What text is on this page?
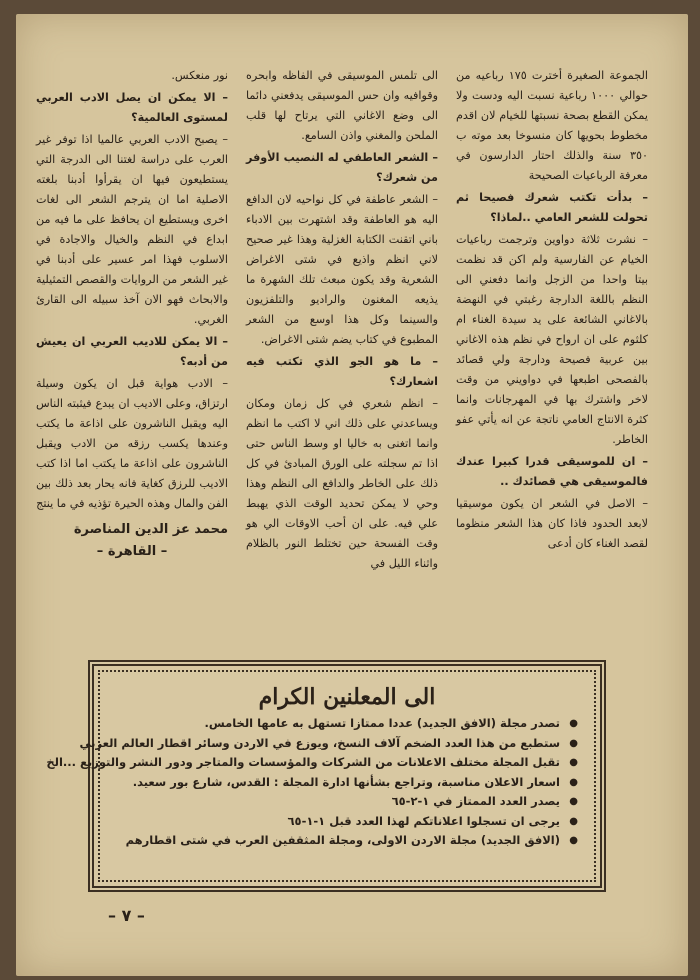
الجموعة الصغيرة أخترت ١٧٥ رباعيه من حوالي ١٠٠٠ رباعية نسبت اليه ودست ولا يمكن القطع بصحة نسبتها للخيام لان اقدم مخطوط بحويها كان منسوخا بعد موته ب ٣٥٠ سنة والذلك احتار الدارسون في معرفة الرباعيات الصحيحة

– بدأت تكتب شعرك فصيحا ثم تحولت للشعر العامي ..لماذا؟

– نشرت ثلاثة دواوين وترجمت رباعيات الخيام عن الفارسية ولم اكن قد نظمت بيتا واحدا من الزجل وانما دفعني الى النظم باللغة الدارجة رغبتي في النهضة بالاغاني الشائعة على يد سيدة الغناء ام كلثوم على ان ارواح في نظم هذه الاغاني بين عربية فصيحة ودارجة ولي قصائد بالفصحى اطبعها في دواويني من وقت لاخر واشترك بها في المهرجانات وانما كثرة الانتاج العامي ناتجة عن انه يأتي عفو الخاطر.

– ان للموسيقى قدرا كبيرا عندك فالموسيقى هي قصائدك ..

– الاصل في الشعر ان يكون موسيقيا لابعد الحدود فاذا كان هذا الشعر منظوما لقصد الغناء كان أدعى

الى تلمس الموسيقى في الفاظه وابحره وقوافيه وان حس الموسيقى يدفعني دائما الى وضع الاغاني التي يرتاح لها قلب الملحن والمغني واذن السامع.

– الشعر العاطفي له النصيب الأوفر من شعرك؟

– الشعر عاطفة في كل نواحيه لان الدافع اليه هو العاطفة وقد اشتهرت بين الادباء باني اتقنت الكتابة الغزلية وهذا غير صحيح لاني انظم واذيع في شتى الاغراض الشعرية وقد يكون مبعث تلك الشهرة ما يذيعه المغنون والراديو والتلفزيون والسينما وكل هذا اوسع من الشعر المطبوع في كتاب يضم شتى الاغراض.

– ما هو الجو الذي تكتب فيه اشعارك؟

– انظم شعري في كل زمان ومكان ويساعدني على ذلك اني لا اكتب ما انظم وانما اتغنى به خاليا او وسط الناس حتى اذا تم سجلته على الورق المبادئ في كل ذلك على الخاطر والدافع الى النظم وهذا وحي لا يمكن تحديد الوقت الذي يهبط علي فيه. على ان أحب الاوقات الي هو وقت الفسحة حين تختلط النور بالظلام واثناء الليل في

نور منعكس.

– الا يمكن ان يصل الادب العربي لمستوى العالمية؟

– يصبح الادب العربي عالميا اذا توفر غير العرب على دراسة لغتنا الى الدرجة التي يستطيعون فيها ان يقرأوا أدبنا بلغته الاصلية اما ان يترجم الشعر الى لغات اخرى ويستطيع ان يحافظ على ما فيه من ابداع في النظم والخيال والاجادة في الاسلوب فهذا امر عسير على أدبنا في غير الشعر من الروايات والقصص التمثيلية والابحاث فهو الان آخذ سبيله الى القارئ الغربي.

– الا يمكن للاديب العربي ان يعيش من أدبه؟

– الادب هواية قبل ان يكون وسيلة ارتزاق، وعلى الاديب ان يبدع فيثبته الناس اليه ويقبل الناشرون على اذاعة ما يكتب وعندها يكسب رزقه من الادب ويقبل الناشرون على اذاعة ما يكتب اما اذا كتب الاديب للرزق كغاية فانه يحار بعد ذلك بين الفن والمال وهذه الحيرة تؤذيه في ما ينتج

محمد عز الدين المناصرة

– القاهرة –

الى المعلنين الكرام
● تصدر مجلة (الافق الجديد) عددا ممتازا تستهل به عامها الخامس.
● ستطبع من هذا العدد الضخم آلاف النسخ، ويوزع في الاردن وسائر اقطار العالم العربي
● تقبل المجلة مختلف الاعلانات من الشركات والمؤسسات والمتاجر ودور النشر والتوزيع ...الخ
● اسعار الاعلان مناسبة، وتراجع بشأنها ادارة المجلة : القدس، شارع بور سعيد.
● يصدر العدد الممتاز في ١-٢-٦٥
● يرجى ان تسجلوا اعلاناتكم لهذا العدد قبل ١-١-٦٥
● (الافق الجديد) مجلة الاردن الاولى، ومجلة المثقفين العرب في شتى اقطارهم
– ٧ –
